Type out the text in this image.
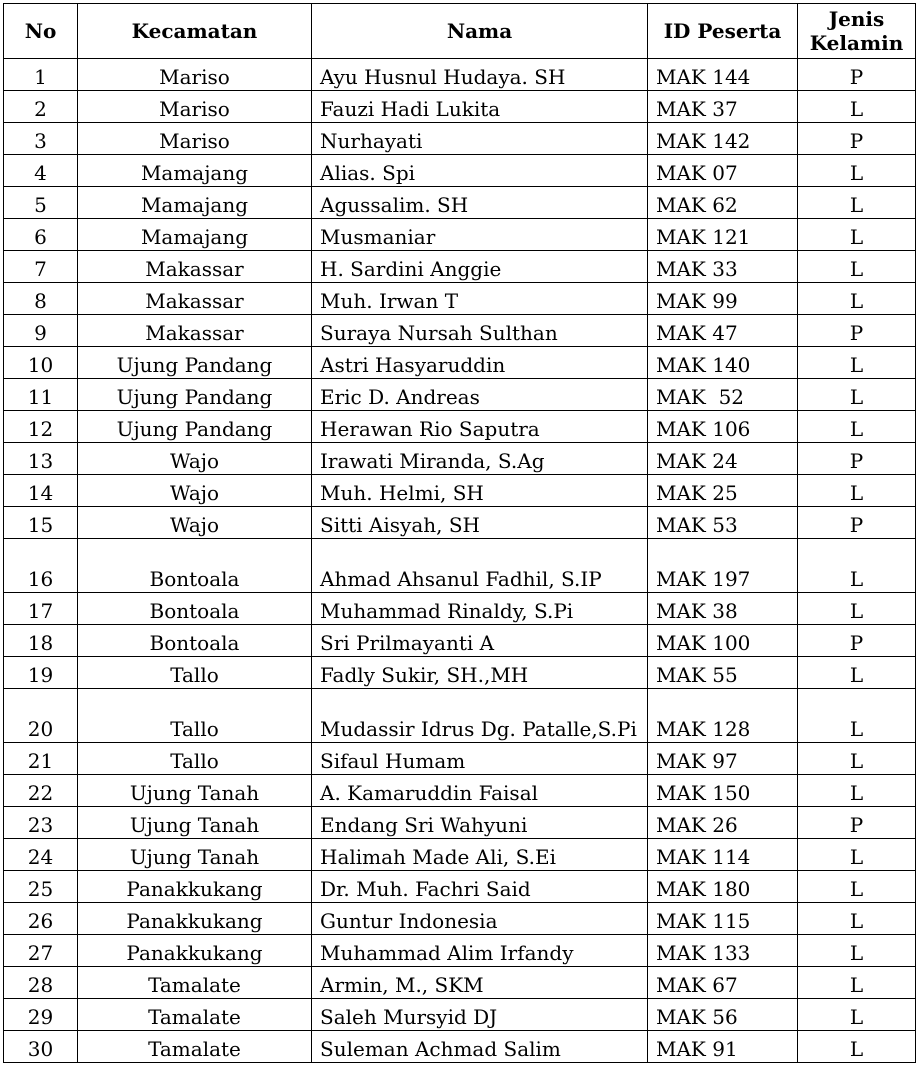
No	Kecamatan	Nama	ID Peserta	Jenis Kelamin
1	Mariso	Ayu Husnul Hudaya. SH	MAK 144	P
2	Mariso	Fauzi Hadi Lukita	MAK 37	L
3	Mariso	Nurhayati	MAK 142	P
4	Mamajang	Alias. Spi	MAK 07	L
5	Mamajang	Agussalim. SH	MAK 62	L
6	Mamajang	Musmaniar	MAK 121	L
7	Makassar	H. Sardini Anggie	MAK 33	L
8	Makassar	Muh. Irwan T	MAK 99	L
9	Makassar	Suraya Nursah Sulthan	MAK 47	P
10	Ujung Pandang	Astri Hasyaruddin	MAK 140	L
11	Ujung Pandang	Eric D. Andreas	MAK  52	L
12	Ujung Pandang	Herawan Rio Saputra	MAK 106	L
13	Wajo	Irawati Miranda, S.Ag	MAK 24	P
14	Wajo	Muh. Helmi, SH	MAK 25	L
15	Wajo	Sitti Aisyah, SH	MAK 53	P
16	Bontoala	Ahmad Ahsanul Fadhil, S.IP	MAK 197	L
17	Bontoala	Muhammad Rinaldy, S.Pi	MAK 38	L
18	Bontoala	Sri Prilmayanti A	MAK 100	P
19	Tallo	Fadly Sukir, SH.,MH	MAK 55	L
20	Tallo	Mudassir Idrus Dg. Patalle,S.Pi	MAK 128	L
21	Tallo	Sifaul Humam	MAK 97	L
22	Ujung Tanah	A. Kamaruddin Faisal	MAK 150	L
23	Ujung Tanah	Endang Sri Wahyuni	MAK 26	P
24	Ujung Tanah	Halimah Made Ali, S.Ei	MAK 114	L
25	Panakkukang	Dr. Muh. Fachri Said	MAK 180	L
26	Panakkukang	Guntur Indonesia	MAK 115	L
27	Panakkukang	Muhammad Alim Irfandy	MAK 133	L
28	Tamalate	Armin, M., SKM	MAK 67	L
29	Tamalate	Saleh Mursyid DJ	MAK 56	L
30	Tamalate	Suleman Achmad Salim	MAK 91	L
